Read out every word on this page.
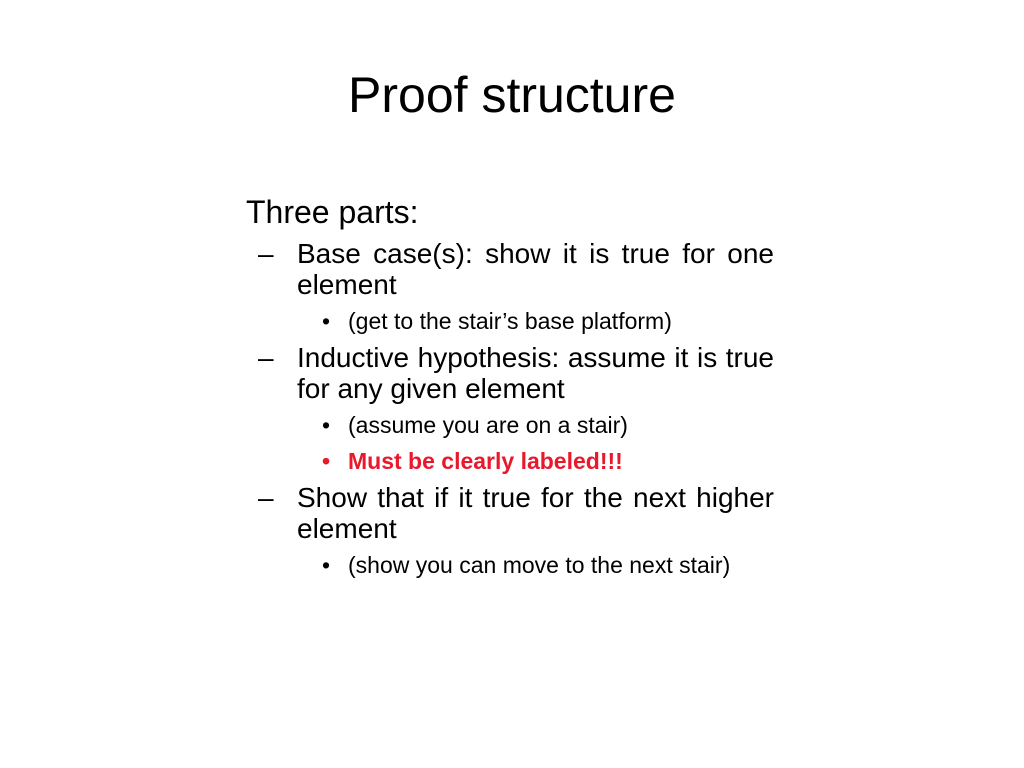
Proof structure
Three parts:
– Base case(s): show it is true for one element
• (get to the stair’s base platform)
– Inductive hypothesis: assume it is true for any given element
• (assume you are on a stair)
• Must be clearly labeled!!!
– Show that if it true for the next higher element
• (show you can move to the next stair)
